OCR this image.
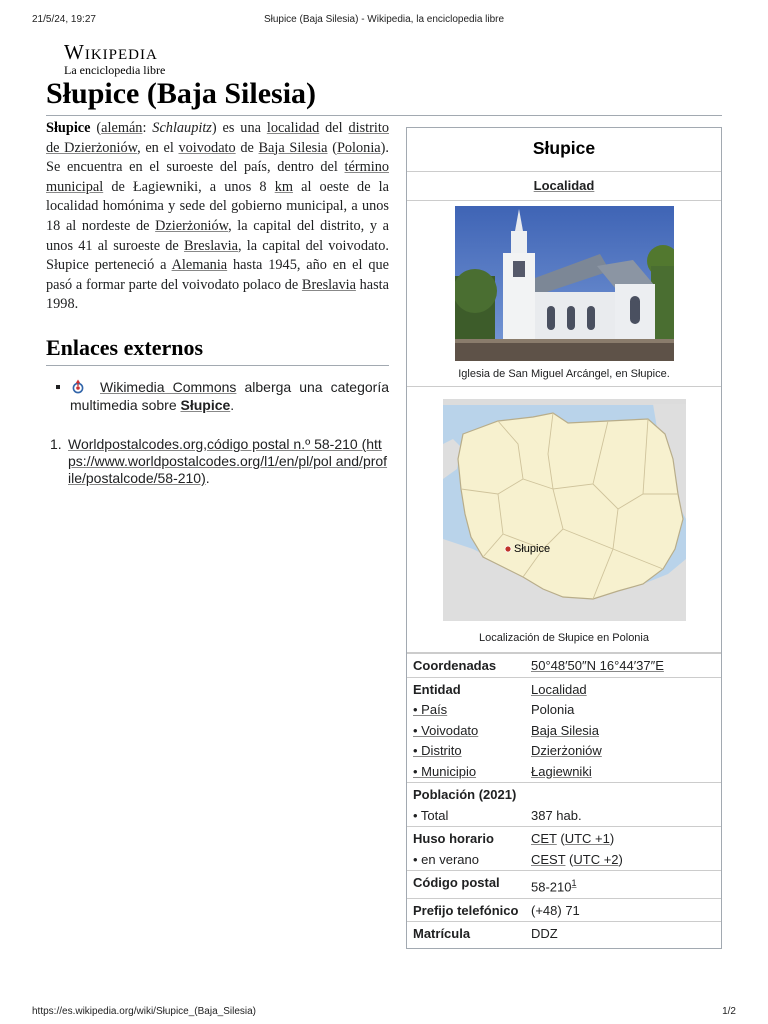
21/5/24, 19:27	Słupice (Baja Silesia) - Wikipedia, la enciclopedia libre
Wikipedia
La enciclopedia libre
Słupice (Baja Silesia)

Słupice (alemán: Schlaupitz) es una localidad del distrito de Dzierżoniów, en el voivodato de Baja Silesia (Polonia). Se encuentra en el suroeste del país, dentro del término municipal de Łagiewniki, a unos 8 km al oeste de la localidad homónima y sede del gobierno municipal, a unos 18 al nordeste de Dzierżoniów, la capital del distrito, y a unos 41 al suroeste de Breslavia, la capital del voivodato. Słupice perteneció a Alemania hasta 1945, año en el que pasó a formar parte del voivodato polaco de Breslavia hasta 1998.

Enlaces externos
Wikimedia Commons alberga una categoría multimedia sobre Słupice.
1. Worldpostalcodes.org,código postal n.º 58-210 (https://www.worldpostalcodes.org/l1/en/pl/pol and/profile/postalcode/58-210).
Słupice
Localidad
Iglesia de San Miguel Arcángel, en Słupice.
Słupice
Localización de Słupice en Polonia
Coordenadas	50°48′50″N 16°44′37″E
Entidad	Localidad
• País	Polonia
• Voivodato	Baja Silesia
• Distrito	Dzierżoniów
• Municipio	Łagiewniki
Población (2021)	
• Total	387 hab.
Huso horario	CET (UTC +1)
• en verano	CEST (UTC +2)
Código postal	$58-210^1$
Prefijo telefónico	(+48) 71
Matrícula	DDZ
https://es.wikipedia.org/wiki/Słupice_(Baja_Silesia)	1/2
